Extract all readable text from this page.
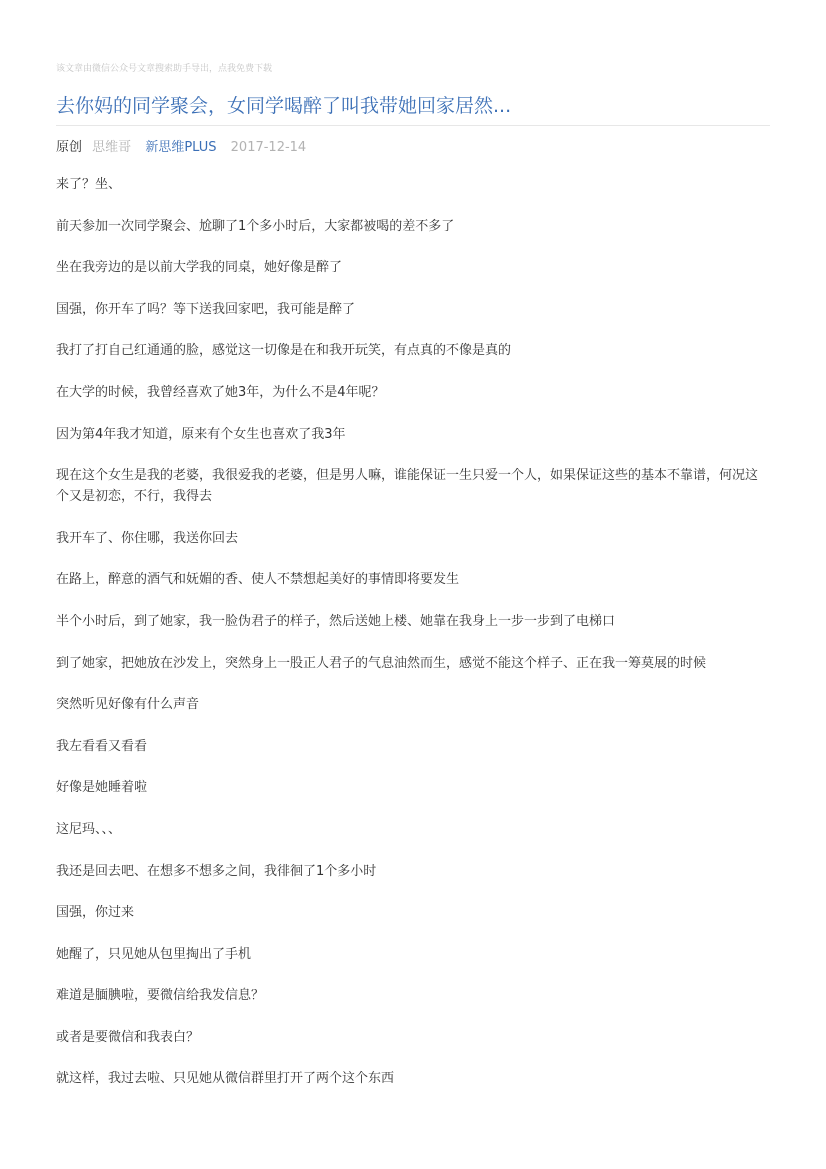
该文章由微信公众号文章搜索助手导出，点我免费下载
去你妈的同学聚会，女同学喝醉了叫我带她回家居然...
原创 思维哥 新思维PLUS 2017-12-14

来了？坐、

前天参加一次同学聚会、尬聊了1个多小时后，大家都被喝的差不多了

坐在我旁边的是以前大学我的同桌，她好像是醉了

国强，你开车了吗？等下送我回家吧，我可能是醉了

我打了打自己红通通的脸，感觉这一切像是在和我开玩笑，有点真的不像是真的

在大学的时候，我曾经喜欢了她3年，为什么不是4年呢？

因为第4年我才知道，原来有个女生也喜欢了我3年

现在这个女生是我的老婆，我很爱我的老婆，但是男人嘛，谁能保证一生只爱一个人，如果保证这些的基本不靠谱，何况这个又是初恋，不行，我得去

我开车了、你住哪，我送你回去

在路上，醉意的酒气和妩媚的香、使人不禁想起美好的事情即将要发生

半个小时后，到了她家，我一脸伪君子的样子，然后送她上楼、她靠在我身上一步一步到了电梯口

到了她家，把她放在沙发上，突然身上一股正人君子的气息油然而生，感觉不能这个样子、正在我一筹莫展的时候

突然听见好像有什么声音

我左看看又看看

好像是她睡着啦

这尼玛、、、

我还是回去吧、在想多不想多之间，我徘徊了1个多小时

国强，你过来

她醒了，只见她从包里掏出了手机

难道是腼腆啦，要微信给我发信息？

或者是要微信和我表白？

就这样，我过去啦、只见她从微信群里打开了两个这个东西
